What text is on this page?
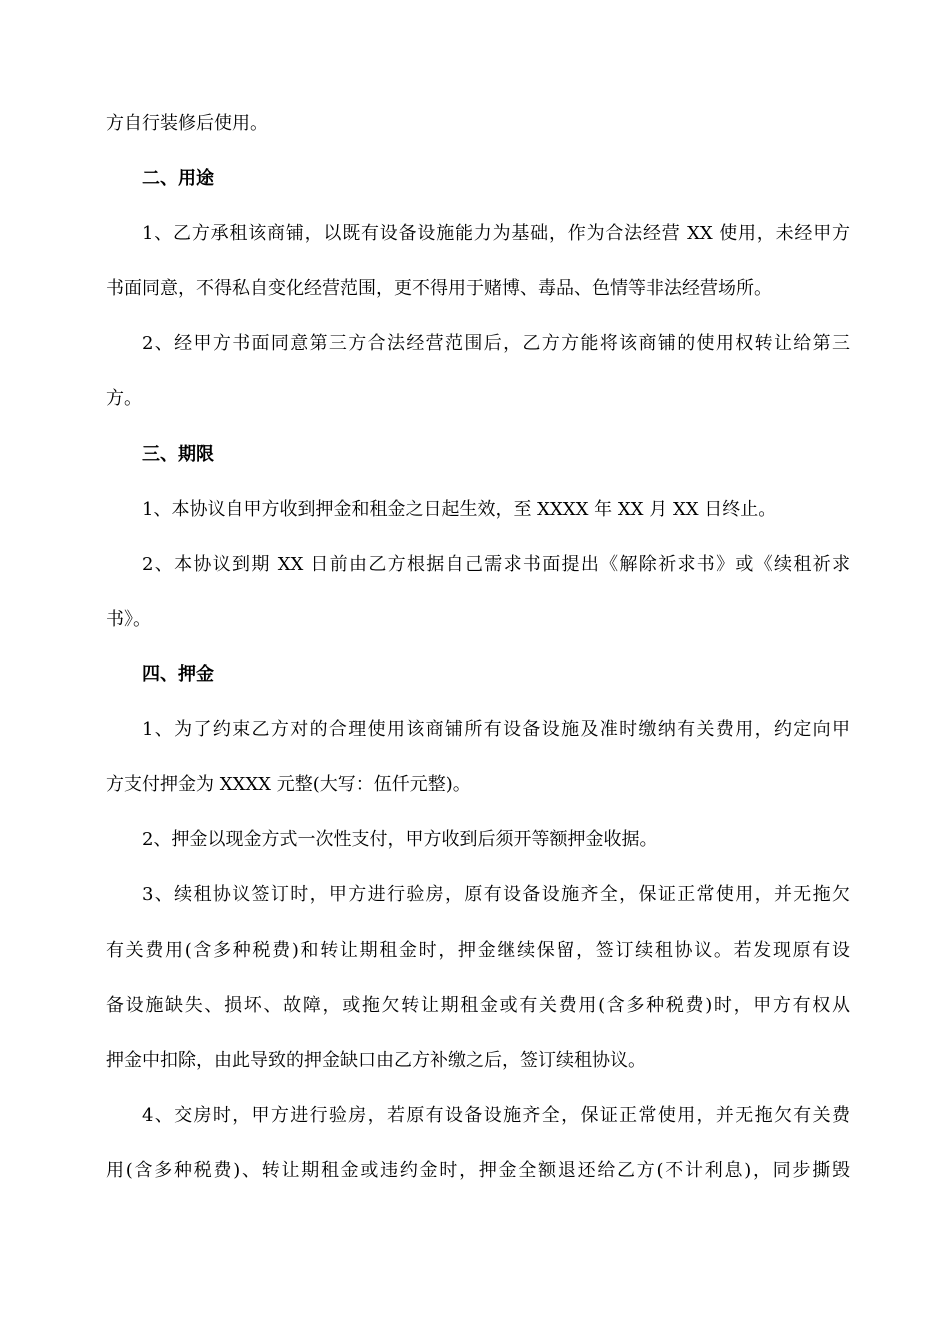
方自行装修后使用。
二、用途
1、乙方承租该商铺，以既有设备设施能力为基础，作为合法经营 XX 使用，未经甲方
书面同意，不得私自变化经营范围，更不得用于赌博、毒品、色情等非法经营场所。
2、经甲方书面同意第三方合法经营范围后，乙方方能将该商铺的使用权转让给第三
方。
三、期限
1、本协议自甲方收到押金和租金之日起生效，至 XXXX 年 XX 月 XX 日终止。
2、本协议到期 XX 日前由乙方根据自己需求书面提出《解除祈求书》或《续租祈求
书》。
四、押金
1、为了约束乙方对的合理使用该商铺所有设备设施及准时缴纳有关费用，约定向甲
方支付押金为 XXXX 元整(大写：伍仟元整)。
2、押金以现金方式一次性支付，甲方收到后须开等额押金收据。
3、续租协议签订时，甲方进行验房，原有设备设施齐全，保证正常使用，并无拖欠
有关费用(含多种税费)和转让期租金时，押金继续保留，签订续租协议。若发现原有设
备设施缺失、损坏、故障，或拖欠转让期租金或有关费用(含多种税费)时，甲方有权从
押金中扣除，由此导致的押金缺口由乙方补缴之后，签订续租协议。
4、交房时，甲方进行验房，若原有设备设施齐全，保证正常使用，并无拖欠有关费
用(含多种税费)、转让期租金或违约金时，押金全额退还给乙方(不计利息)，同步撕毁
